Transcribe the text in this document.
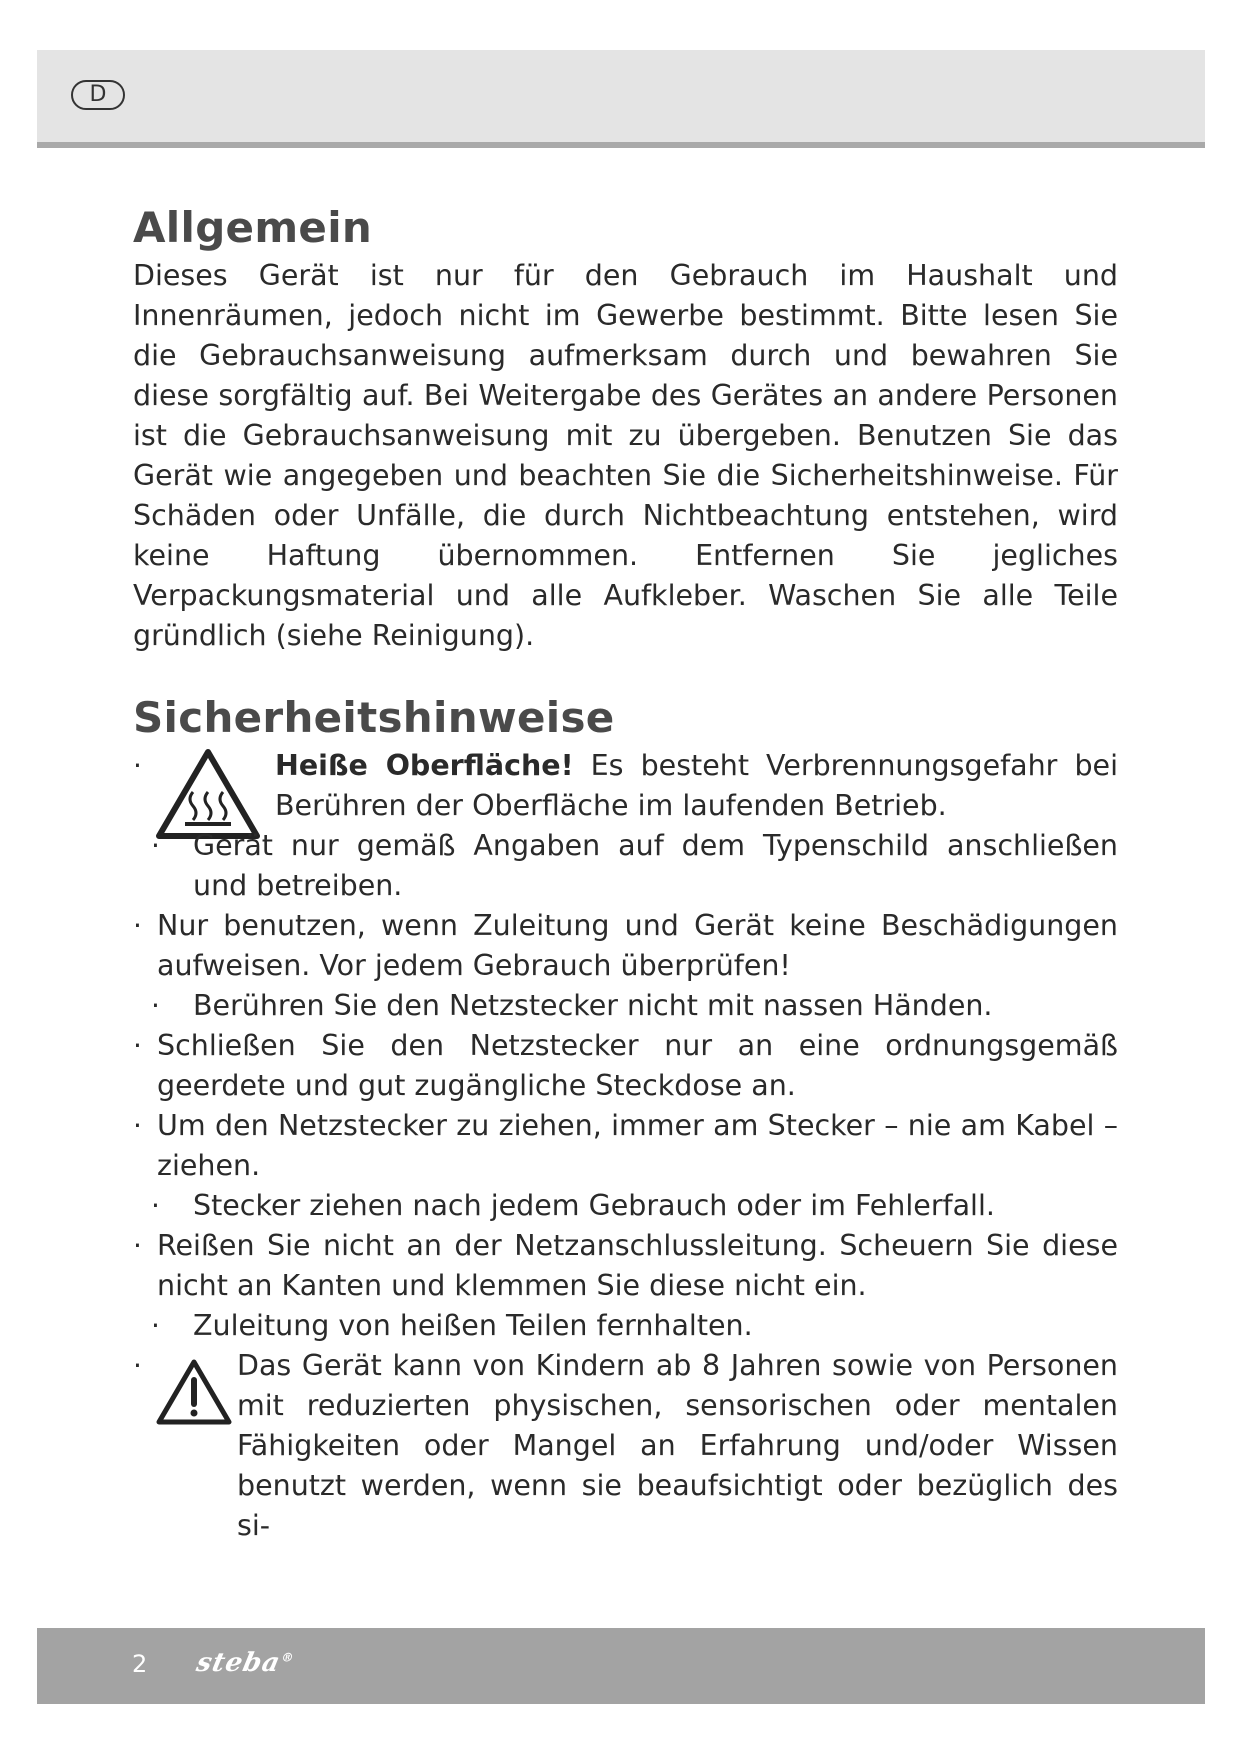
D
Allgemein

Dieses Gerät ist nur für den Gebrauch im Haushalt und Innenräumen, jedoch nicht im Gewerbe bestimmt. Bitte lesen Sie die Gebrauchsanweisung aufmerksam durch und bewahren Sie diese sorgfältig auf. Bei Weitergabe des Gerätes an andere Personen ist die Gebrauchsanweisung mit zu übergeben. Benutzen Sie das Gerät wie angegeben und beachten Sie die Sicherheitshinweise. Für Schäden oder Unfälle, die durch Nichtbeachtung entstehen, wird keine Haftung übernommen. Entfernen Sie jegliches Verpackungsmaterial und alle Aufkleber. Waschen Sie alle Teile gründlich (siehe Reinigung).

Sicherheitshinweise
·	Heiße Oberfläche! Es besteht Verbrennungsgefahr bei Berühren der Oberfläche im laufenden Betrieb.
· Gerät nur gemäß Angaben auf dem Typenschild anschließen und betreiben.
· Nur benutzen, wenn Zuleitung und Gerät keine Beschädigungen aufweisen. Vor jedem Gebrauch überprüfen!
· Berühren Sie den Netzstecker nicht mit nassen Händen.
· Schließen Sie den Netzstecker nur an eine ordnungsgemäß geerdete und gut zugängliche Steckdose an.
· Um den Netzstecker zu ziehen, immer am Stecker – nie am Kabel – ziehen.
· Stecker ziehen nach jedem Gebrauch oder im Fehlerfall.
· Reißen Sie nicht an der Netzanschlussleitung. Scheuern Sie diese nicht an Kanten und klemmen Sie diese nicht ein.
· Zuleitung von heißen Teilen fernhalten.
·	Das Gerät kann von Kindern ab 8 Jahren sowie von Personen mit reduzierten physischen, sensorischen oder mentalen Fähigkeiten oder Mangel an Erfahrung und/oder Wissen benutzt werden, wenn sie beaufsichtigt oder bezüglich des si-
2 steba®
